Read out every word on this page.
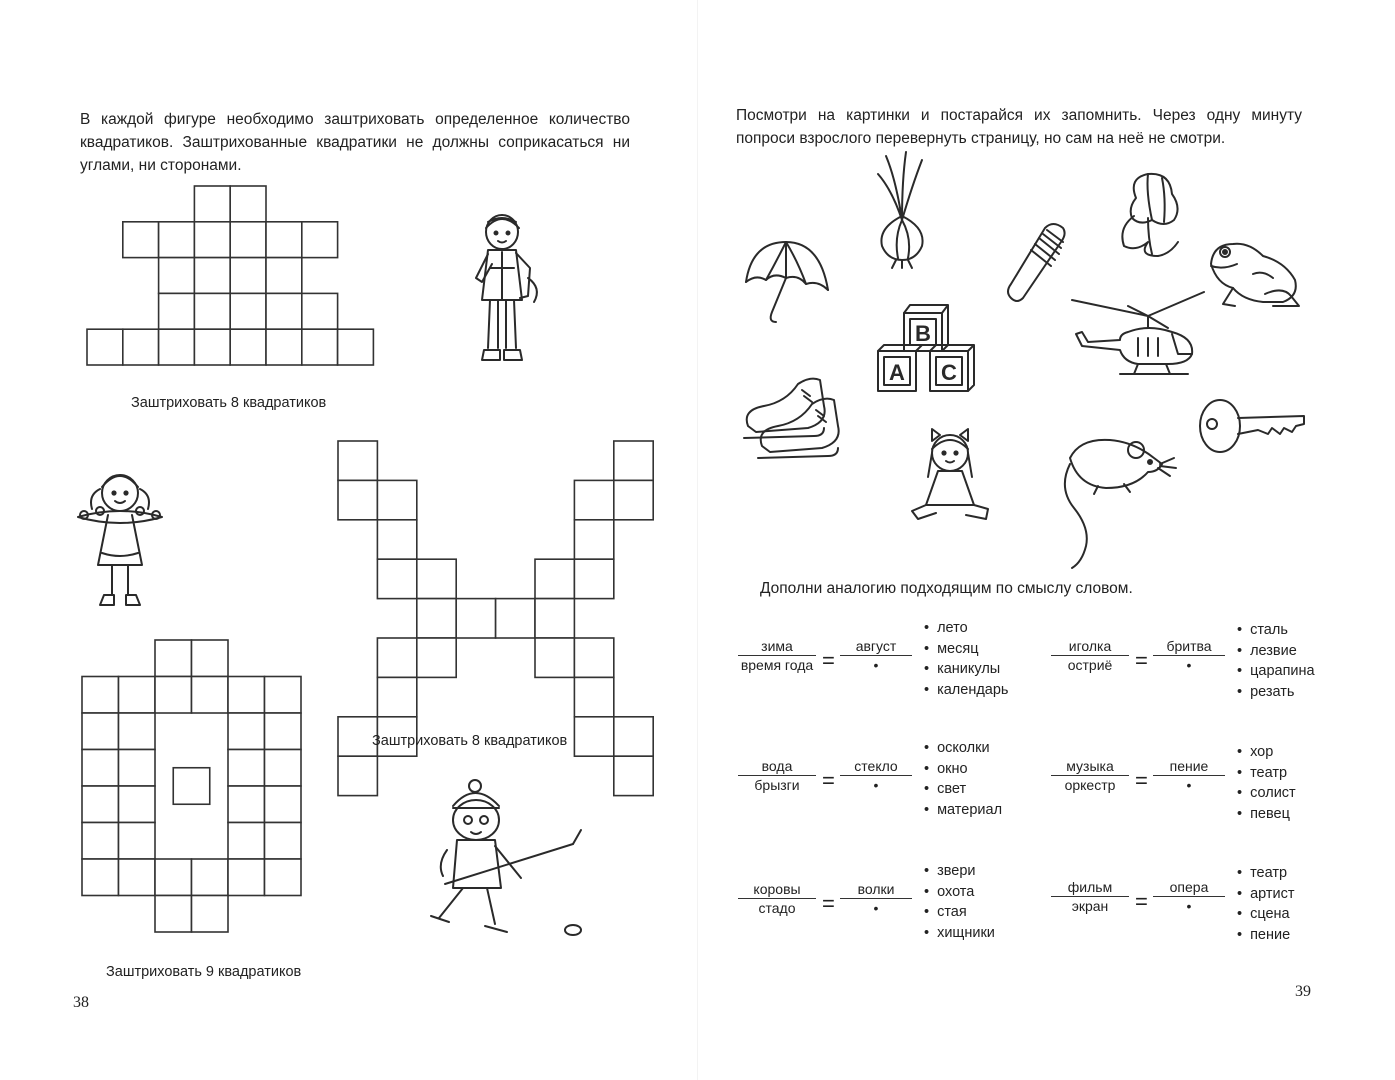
В каждой фигуре необходимо заштриховать определенное количество квадратиков. Заштрихованные квадратики не должны соприкасаться ни углами, ни сторонами.
Заштриховать 8 квадратиков
Заштриховать 8 квадратиков
Заштриховать 9 квадратиков
38
Посмотри на картинки и постарайся их запомнить. Через одну минуту попроси взрослого перевернуть страницу, но сам на неё не смотри.
B
A C
Дополни аналогию подходящим по смыслу словом.
зима
время года =
август
•
• лето
• месяц
• каникулы
• календарь
иголка
остриё	=
бритва
•
• сталь
• лезвие
• царапина
• резать
вода
брызги	=
стекло
•
• осколки
• окно
• свет
• материал
музыка
оркестр =
пение
•
• хор
• театр
• солист
• певец
коровы
стадо	=
волки
•
• звери
• охота
• стая
• хищники
фильм
экран	=
опера
•
• театр
• артист
• сцена
• пение
39
